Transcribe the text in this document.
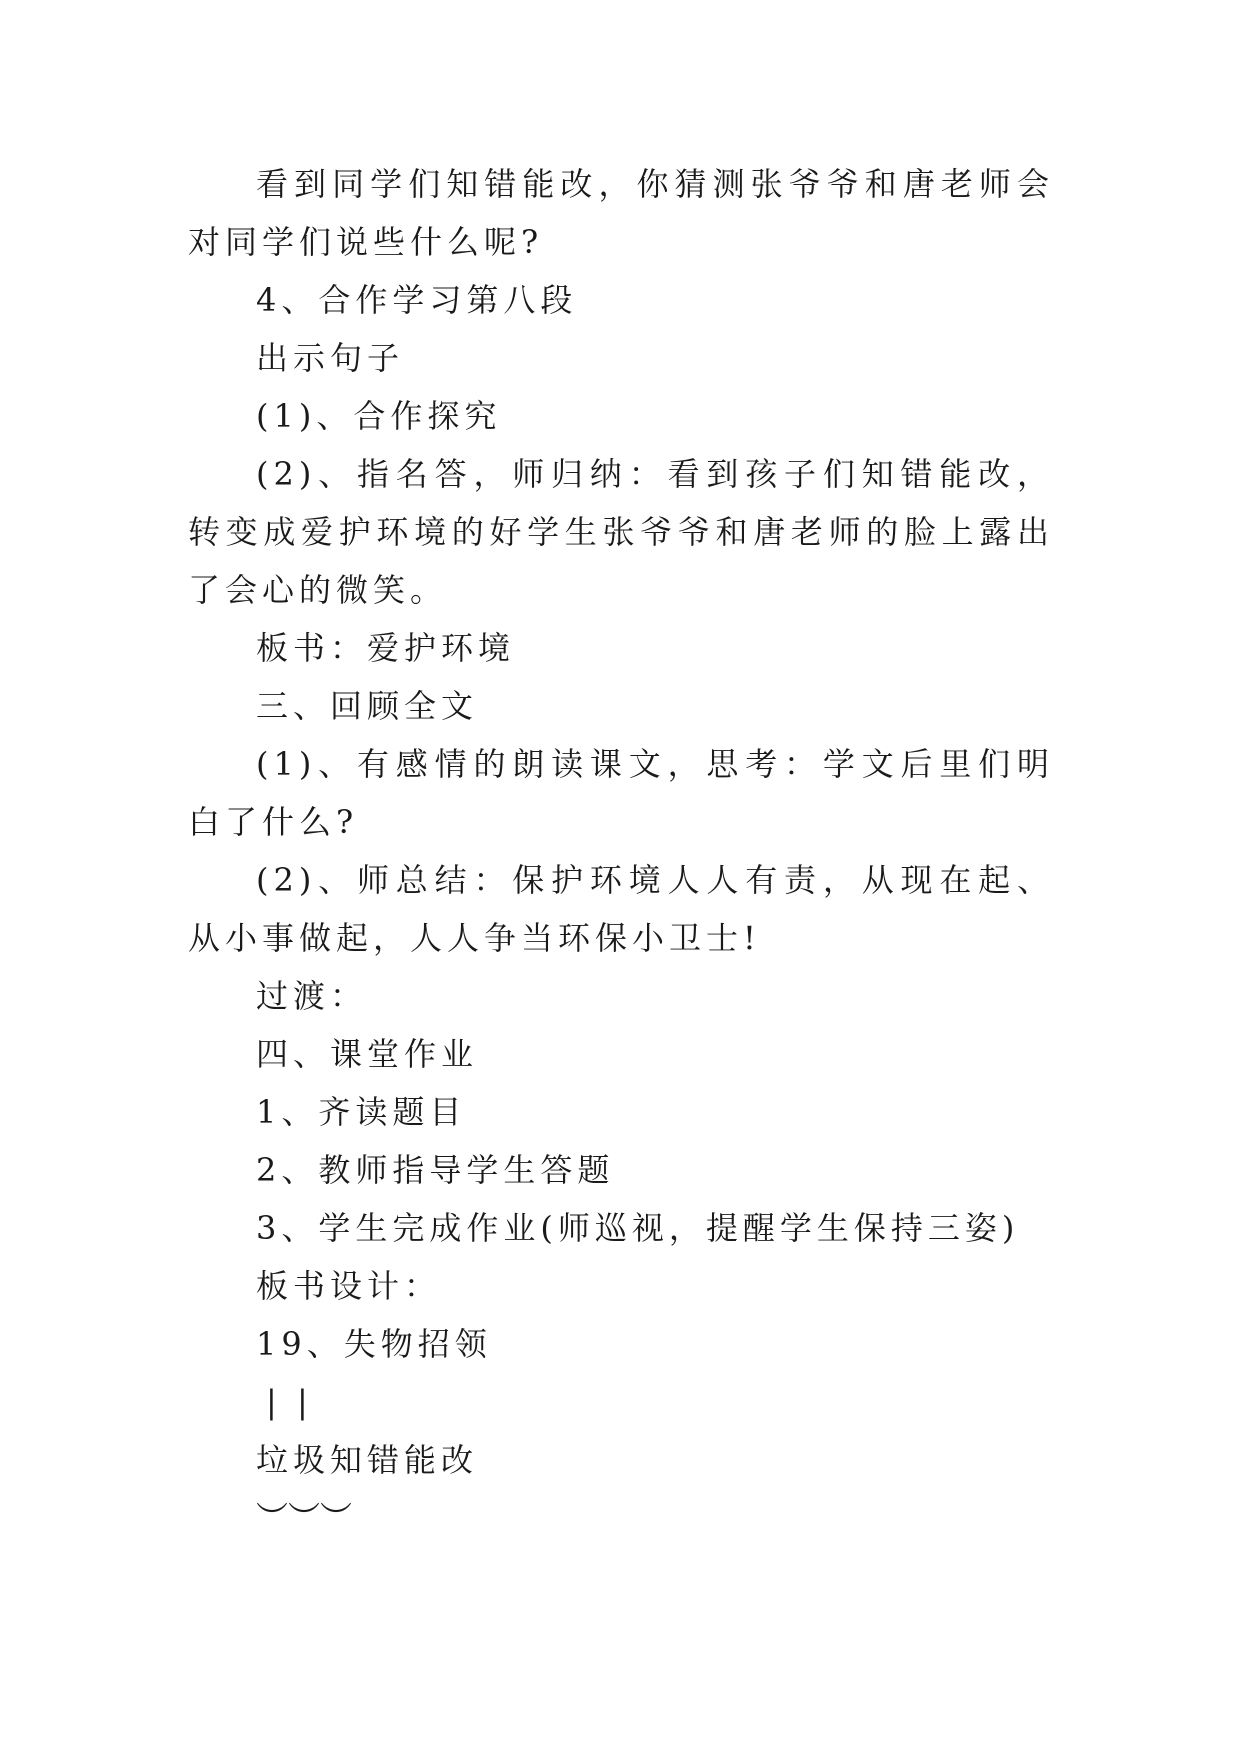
看到同学们知错能改，你猜测张爷爷和唐老师会对同学们说些什么呢?

4、合作学习第八段

出示句子

(1)、合作探究

(2)、指名答，师归纳：看到孩子们知错能改，转变成爱护环境的好学生张爷爷和唐老师的脸上露出了会心的微笑。

板书：爱护环境

三、回顾全文

(1)、有感情的朗读课文，思考：学文后里们明白了什么?

(2)、师总结：保护环境人人有责，从现在起、从小事做起，人人争当环保小卫士!

过渡：

四、课堂作业

1、齐读题目

2、教师指导学生答题

3、学生完成作业(师巡视，提醒学生保持三姿)

板书设计：

19、失物招领

| |

垃圾知错能改

︶︶︶
